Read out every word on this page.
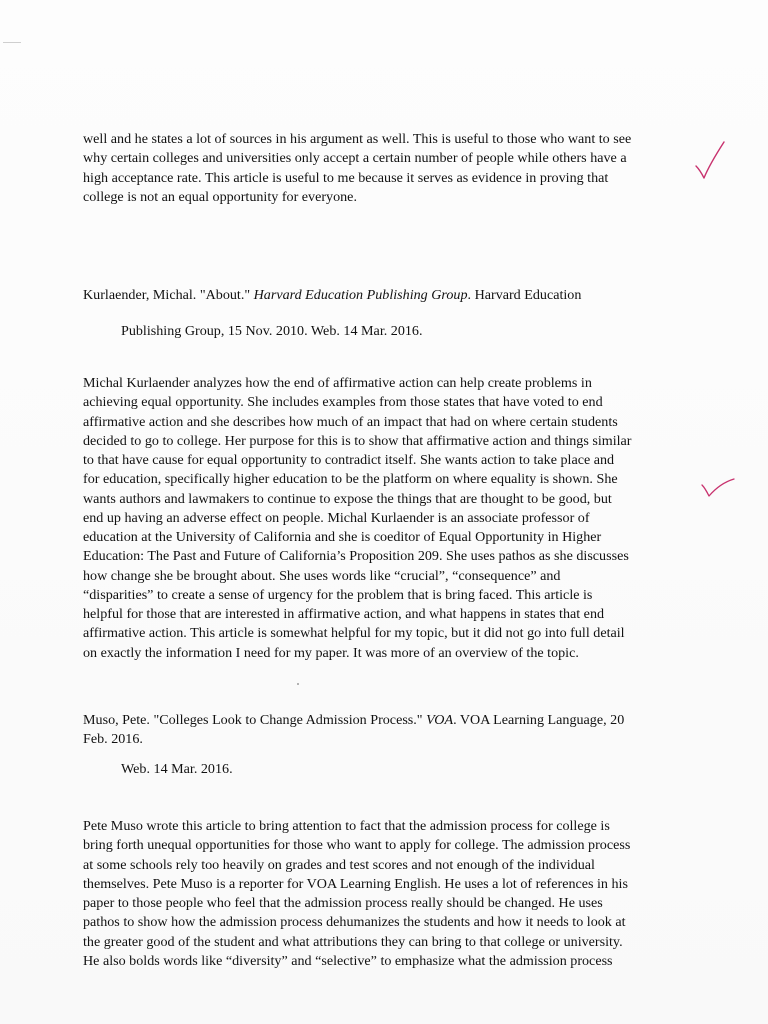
well and he states a lot of sources in his argument as well. This is useful to those who want to see
why certain colleges and universities only accept a certain number of people while others have a
high acceptance rate. This article is useful to me because it serves as evidence in proving that
college is not an equal opportunity for everyone.
Kurlaender, Michal. "About." Harvard Education Publishing Group. Harvard Education
Publishing Group, 15 Nov. 2010. Web. 14 Mar. 2016.
Michal Kurlaender analyzes how the end of affirmative action can help create problems in
achieving equal opportunity. She includes examples from those states that have voted to end
affirmative action and she describes how much of an impact that had on where certain students
decided to go to college. Her purpose for this is to show that affirmative action and things similar
to that have cause for equal opportunity to contradict itself. She wants action to take place and
for education, specifically higher education to be the platform on where equality is shown. She
wants authors and lawmakers to continue to expose the things that are thought to be good, but
end up having an adverse effect on people. Michal Kurlaender is an associate professor of
education at the University of California and she is coeditor of Equal Opportunity in Higher
Education: The Past and Future of California’s Proposition 209. She uses pathos as she discusses
how change she be brought about. She uses words like “crucial”, “consequence” and
“disparities” to create a sense of urgency for the problem that is bring faced. This article is
helpful for those that are interested in affirmative action, and what happens in states that end
affirmative action. This article is somewhat helpful for my topic, but it did not go into full detail
on exactly the information I need for my paper. It was more of an overview of the topic.
Muso, Pete. "Colleges Look to Change Admission Process." VOA. VOA Learning Language, 20
Feb. 2016.
Web. 14 Mar. 2016.
Pete Muso wrote this article to bring attention to fact that the admission process for college is
bring forth unequal opportunities for those who want to apply for college. The admission process
at some schools rely too heavily on grades and test scores and not enough of the individual
themselves. Pete Muso is a reporter for VOA Learning English. He uses a lot of references in his
paper to those people who feel that the admission process really should be changed. He uses
pathos to show how the admission process dehumanizes the students and how it needs to look at
the greater good of the student and what attributions they can bring to that college or university.
He also bolds words like “diversity” and “selective” to emphasize what the admission process
